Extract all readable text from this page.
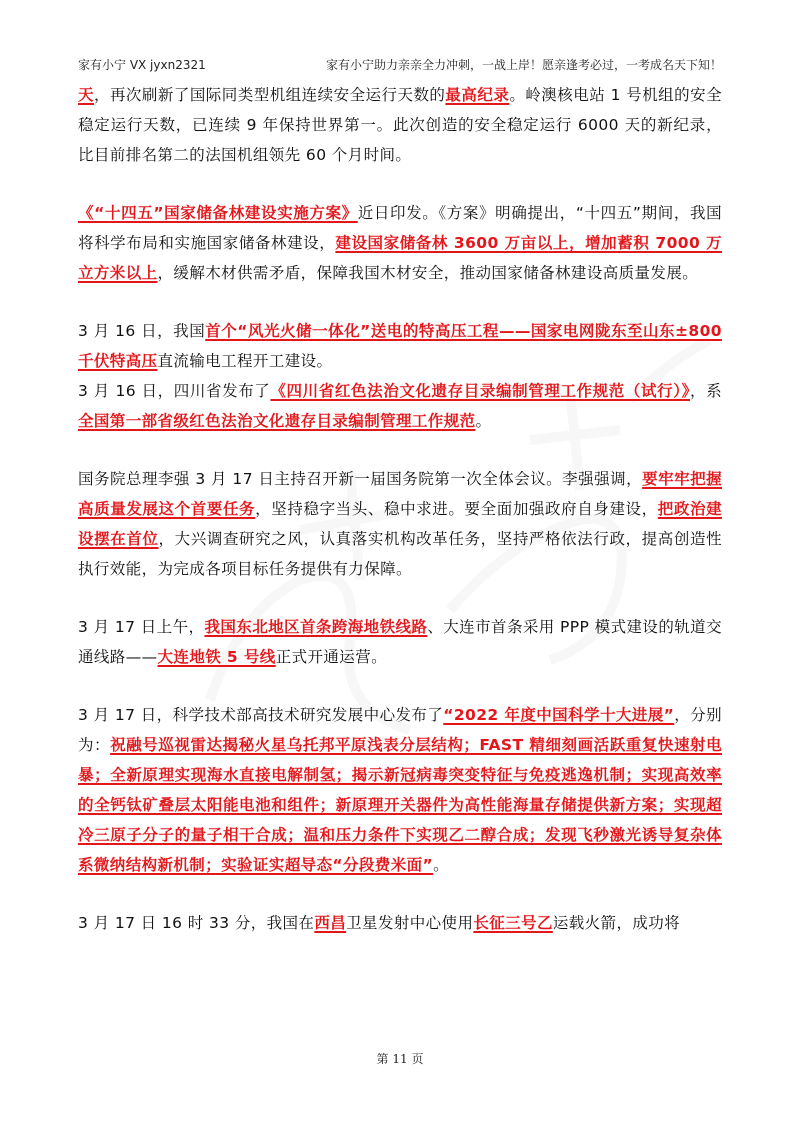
家有小宁 VX jyxn2321	家有小宁助力亲亲全力冲刺，一战上岸！愿亲逢考必过，一考成名天下知！

天，再次刷新了国际同类型机组连续安全运行天数的最高纪录。岭澳核电站 1 号机组的安全稳定运行天数，已连续 9 年保持世界第一。此次创造的安全稳定运行 6000 天的新纪录，比目前排名第二的法国机组领先 60 个月时间。

《“十四五”国家储备林建设实施方案》近日印发。《方案》明确提出，“十四五”期间，我国将科学布局和实施国家储备林建设，建设国家储备林 3600 万亩以上，增加蓄积 7000 万立方米以上，缓解木材供需矛盾，保障我国木材安全，推动国家储备林建设高质量发展。

3 月 16 日，我国首个“风光火储一体化”送电的特高压工程——国家电网陇东至山东±800 千伏特高压直流输电工程开工建设。

3 月 16 日，四川省发布了《四川省红色法治文化遗存目录编制管理工作规范（试行）》，系全国第一部省级红色法治文化遗存目录编制管理工作规范。

国务院总理李强 3 月 17 日主持召开新一届国务院第一次全体会议。李强强调，要牢牢把握高质量发展这个首要任务，坚持稳字当头、稳中求进。要全面加强政府自身建设，把政治建设摆在首位，大兴调查研究之风，认真落实机构改革任务，坚持严格依法行政，提高创造性执行效能，为完成各项目标任务提供有力保障。

3 月 17 日上午，我国东北地区首条跨海地铁线路、大连市首条采用 PPP 模式建设的轨道交通线路——大连地铁 5 号线正式开通运营。

3 月 17 日，科学技术部高技术研究发展中心发布了“2022 年度中国科学十大进展”，分别为：祝融号巡视雷达揭秘火星乌托邦平原浅表分层结构；FAST 精细刻画活跃重复快速射电暴；全新原理实现海水直接电解制氢；揭示新冠病毒突变特征与免疫逃逸机制；实现高效率的全钙钛矿叠层太阳能电池和组件；新原理开关器件为高性能海量存储提供新方案；实现超冷三原子分子的量子相干合成；温和压力条件下实现乙二醇合成；发现飞秒激光诱导复杂体系微纳结构新机制；实验证实超导态“分段费米面”。

3 月 17 日 16 时 33 分，我国在西昌卫星发射中心使用长征三号乙运载火箭，成功将

第 11 页
